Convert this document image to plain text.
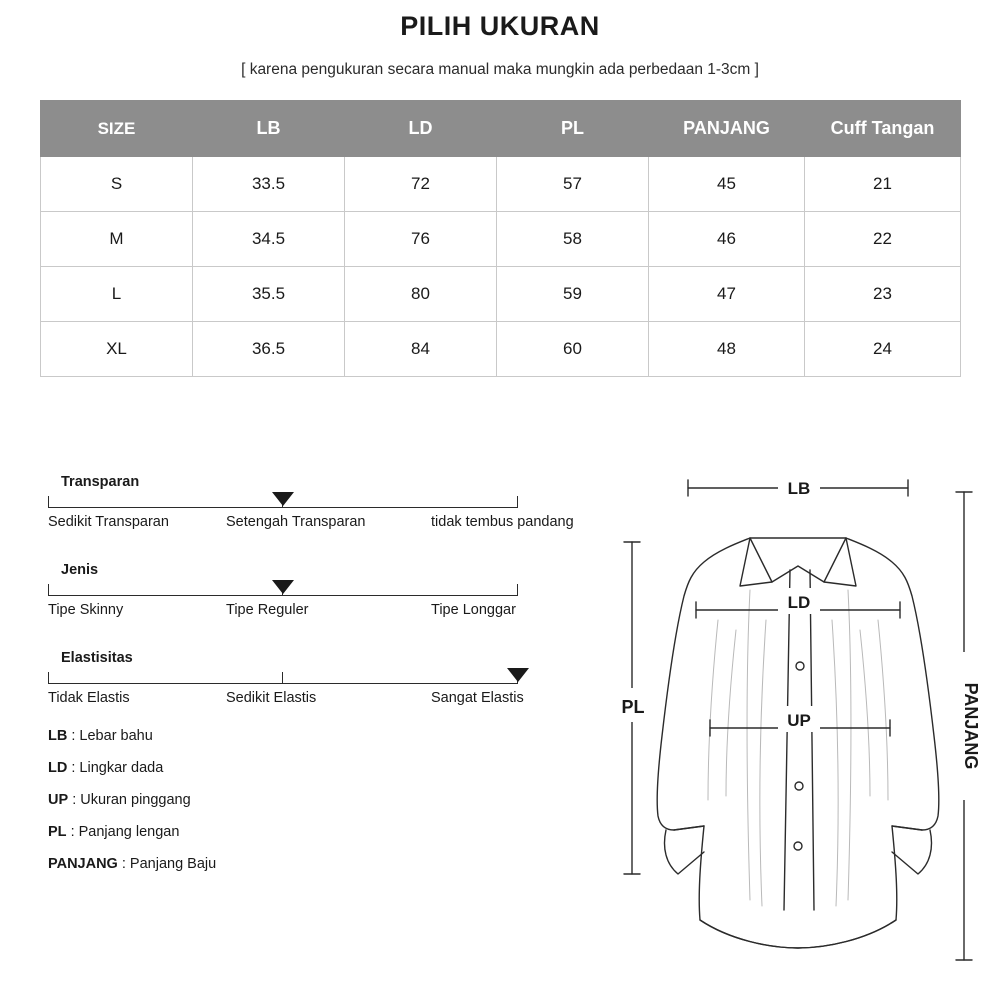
PILIH UKURAN
[ karena pengukuran secara manual maka mungkin ada perbedaan 1-3cm ]
SIZE	LB	LD	PL	PANJANG	Cuff Tangan
S	33.5	72	57	45	21
M	34.5	76	58	46	22
L	35.5	80	59	47	23
XL	36.5	84	60	48	24
Transparan
Sedikit Transparan	Setengah Transparan	tidak tembus pandang
Jenis
Tipe Skinny	Tipe Reguler	Tipe Longgar
Elastisitas
Tidak Elastis	Sedikit Elastis	Sangat Elastis
LB : Lebar bahu
LD : Lingkar dada
UP : Ukuran pinggang
PL : Panjang lengan
PANJANG : Panjang Baju
LB
LD
UP
PL	PANJANG
